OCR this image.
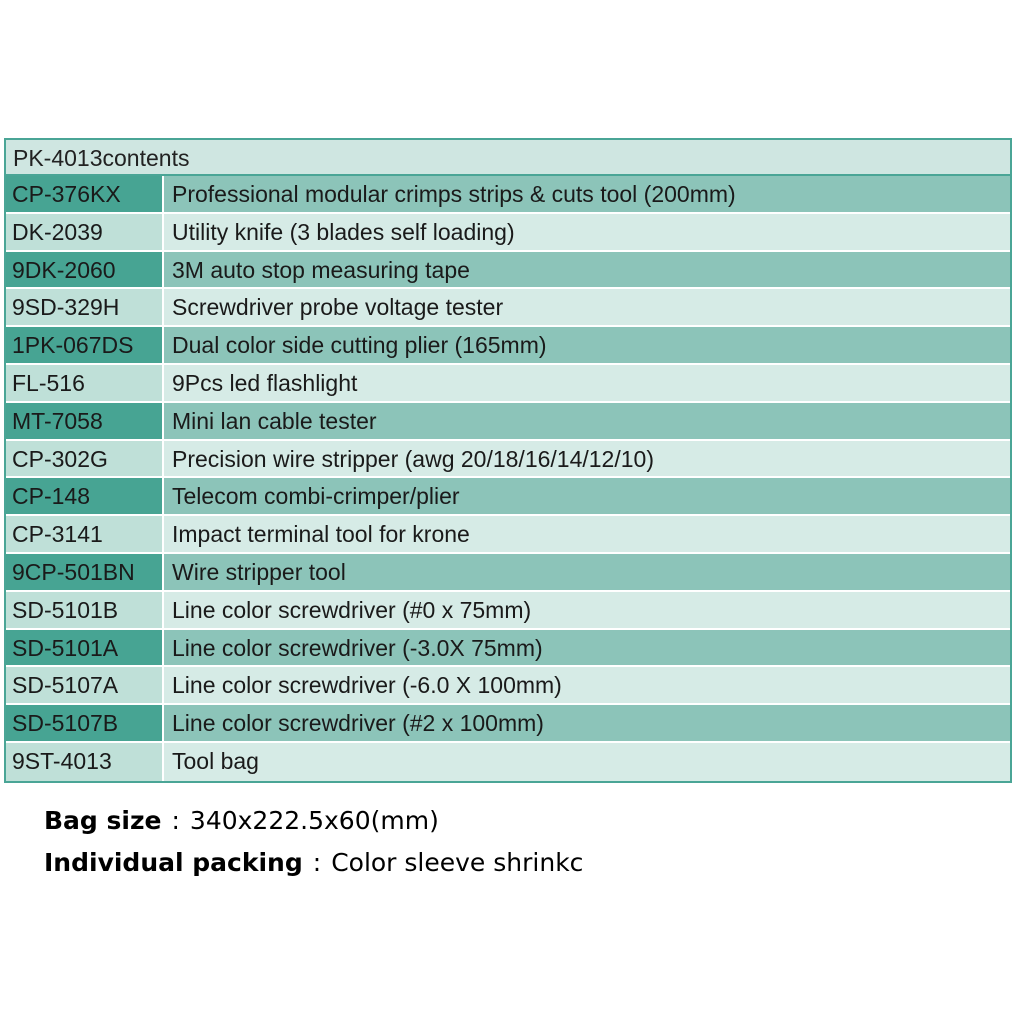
PK-4013contents
CP-376KX	Professional modular crimps strips & cuts tool (200mm)
DK-2039	Utility knife (3 blades self loading)
9DK-2060	3M auto stop measuring tape
9SD-329H	Screwdriver probe voltage tester
1PK-067DS	Dual color side cutting plier (165mm)
FL-516	9Pcs led flashlight
MT-7058	Mini lan cable tester
CP-302G	Precision wire stripper (awg 20/18/16/14/12/10)
CP-148	Telecom combi-crimper/plier
CP-3141	Impact terminal tool for krone
9CP-501BN	Wire stripper tool
SD-5101B	Line color screwdriver (#0 x 75mm)
SD-5101A	Line color screwdriver (-3.0X 75mm)
SD-5107A	Line color screwdriver (-6.0 X 100mm)
SD-5107B	Line color screwdriver (#2 x 100mm)
9ST-4013	Tool bag
Bag size : 340x222.5x60(mm)
Individual packing : Color sleeve shrinkc
